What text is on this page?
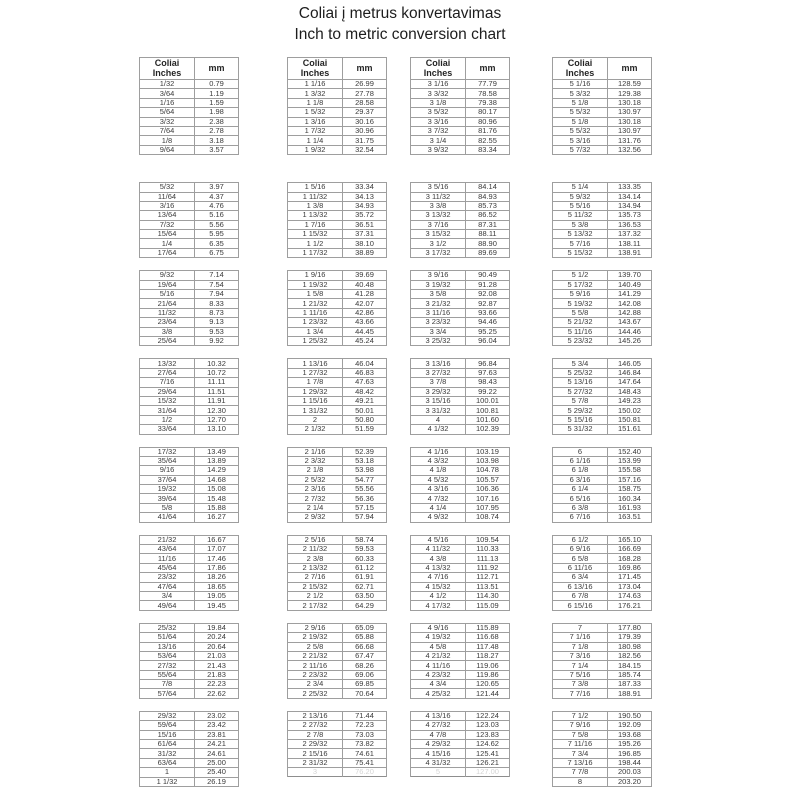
Coliai į metrus konvertavimas
Inch to metric conversion chart
Coliai
Inches	mm
1/32	0.79
3/64	1.19
1/16	1.59
5/64	1.98
3/32	2.38
7/64	2.78
1/8	3.18
9/64	3.57
5/32	3.97
11/64	4.37
3/16	4.76
13/64	5.16
7/32	5.56
15/64	5.95
1/4	6.35
17/64	6.75
9/32	7.14
19/64	7.54
5/16	7.94
21/64	8.33
11/32	8.73
23/64	9.13
3/8	9.53
25/64	9.92
13/32	10.32
27/64	10.72
7/16	11.11
29/64	11.51
15/32	11.91
31/64	12.30
1/2	12.70
33/64	13.10
17/32	13.49
35/64	13.89
9/16	14.29
37/64	14.68
19/32	15.08
39/64	15.48
5/8	15.88
41/64	16.27
21/32	16.67
43/64	17.07
11/16	17.46
45/64	17.86
23/32	18.26
47/64	18.65
3/4	19.05
49/64	19.45
25/32	19.84
51/64	20.24
13/16	20.64
53/64	21.03
27/32	21.43
55/64	21.83
7/8	22.23
57/64	22.62
29/32	23.02
59/64	23.42
15/16	23.81
61/64	24.21
31/32	24.61
63/64	25.00
1	25.40
1 1/32	26.19
Coliai
Inches	mm
1 1/16	26.99
1 3/32	27.78
1 1/8	28.58
1 5/32	29.37
1 3/16	30.16
1 7/32	30.96
1 1/4	31.75
1 9/32	32.54
1 5/16	33.34
1 11/32	34.13
1 3/8	34.93
1 13/32	35.72
1 7/16	36.51
1 15/32	37.31
1 1/2	38.10
1 17/32	38.89
1 9/16	39.69
1 19/32	40.48
1 5/8	41.28
1 21/32	42.07
1 11/16	42.86
1 23/32	43.66
1 3/4	44.45
1 25/32	45.24
1 13/16	46.04
1 27/32	46.83
1 7/8	47.63
1 29/32	48.42
1 15/16	49.21
1 31/32	50.01
2	50.80
2 1/32	51.59
2 1/16	52.39
2 3/32	53.18
2 1/8	53.98
2 5/32	54.77
2 3/16	55.56
2 7/32	56.36
2 1/4	57.15
2 9/32	57.94
2 5/16	58.74
2 11/32	59.53
2 3/8	60.33
2 13/32	61.12
2 7/16	61.91
2 15/32	62.71
2 1/2	63.50
2 17/32	64.29
2 9/16	65.09
2 19/32	65.88
2 5/8	66.68
2 21/32	67.47
2 11/16	68.26
2 23/32	69.06
2 3/4	69.85
2 25/32	70.64
2 13/16	71.44
2 27/32	72.23
2 7/8	73.03
2 29/32	73.82
2 15/16	74.61
2 31/32	75.41
3	76.20
Coliai
Inches	mm
3 1/16	77.79
3 3/32	78.58
3 1/8	79.38
3 5/32	80.17
3 3/16	80.96
3 7/32	81.76
3 1/4	82.55
3 9/32	83.34
3 5/16	84.14
3 11/32	84.93
3 3/8	85.73
3 13/32	86.52
3 7/16	87.31
3 15/32	88.11
3 1/2	88.90
3 17/32	89.69
3 9/16	90.49
3 19/32	91.28
3 5/8	92.08
3 21/32	92.87
3 11/16	93.66
3 23/32	94.46
3 3/4	95.25
3 25/32	96.04
3 13/16	96.84
3 27/32	97.63
3 7/8	98.43
3 29/32	99.22
3 15/16	100.01
3 31/32	100.81
4	101.60
4 1/32	102.39
4 1/16	103.19
4 3/32	103.98
4 1/8	104.78
4 5/32	105.57
4 3/16	106.36
4 7/32	107.16
4 1/4	107.95
4 9/32	108.74
4 5/16	109.54
4 11/32	110.33
4 3/8	111.13
4 13/32	111.92
4 7/16	112.71
4 15/32	113.51
4 1/2	114.30
4 17/32	115.09
4 9/16	115.89
4 19/32	116.68
4 5/8	117.48
4 21/32	118.27
4 11/16	119.06
4 23/32	119.86
4 3/4	120.65
4 25/32	121.44
4 13/16	122.24
4 27/32	123.03
4 7/8	123.83
4 29/32	124.62
4 15/16	125.41
4 31/32	126.21
5	127.00
Coliai
Inches	mm
5 1/16	128.59
5 3/32	129.38
5 1/8	130.18
5 5/32	130.97
5 1/8	130.18
5 5/32	130.97
5 3/16	131.76
5 7/32	132.56
5 1/4	133.35
5 9/32	134.14
5 5/16	134.94
5 11/32	135.73
5 3/8	136.53
5 13/32	137.32
5 7/16	138.11
5 15/32	138.91
5 1/2	139.70
5 17/32	140.49
5 9/16	141.29
5 19/32	142.08
5 5/8	142.88
5 21/32	143.67
5 11/16	144.46
5 23/32	145.26
5 3/4	146.05
5 25/32	146.84
5 13/16	147.64
5 27/32	148.43
5 7/8	149.23
5 29/32	150.02
5 15/16	150.81
5 31/32	151.61
6	152.40
6 1/16	153.99
6 1/8	155.58
6 3/16	157.16
6 1/4	158.75
6 5/16	160.34
6 3/8	161.93
6 7/16	163.51
6 1/2	165.10
6 9/16	166.69
6 5/8	168.28
6 11/16	169.86
6 3/4	171.45
6 13/16	173.04
6 7/8	174.63
6 15/16	176.21
7	177.80
7 1/16	179.39
7 1/8	180.98
7 3/16	182.56
7 1/4	184.15
7 5/16	185.74
7 3/8	187.33
7 7/16	188.91
7 1/2	190.50
7 9/16	192.09
7 5/8	193.68
7 11/16	195.26
7 3/4	196.85
7 13/16	198.44
7 7/8	200.03
8	203.20
